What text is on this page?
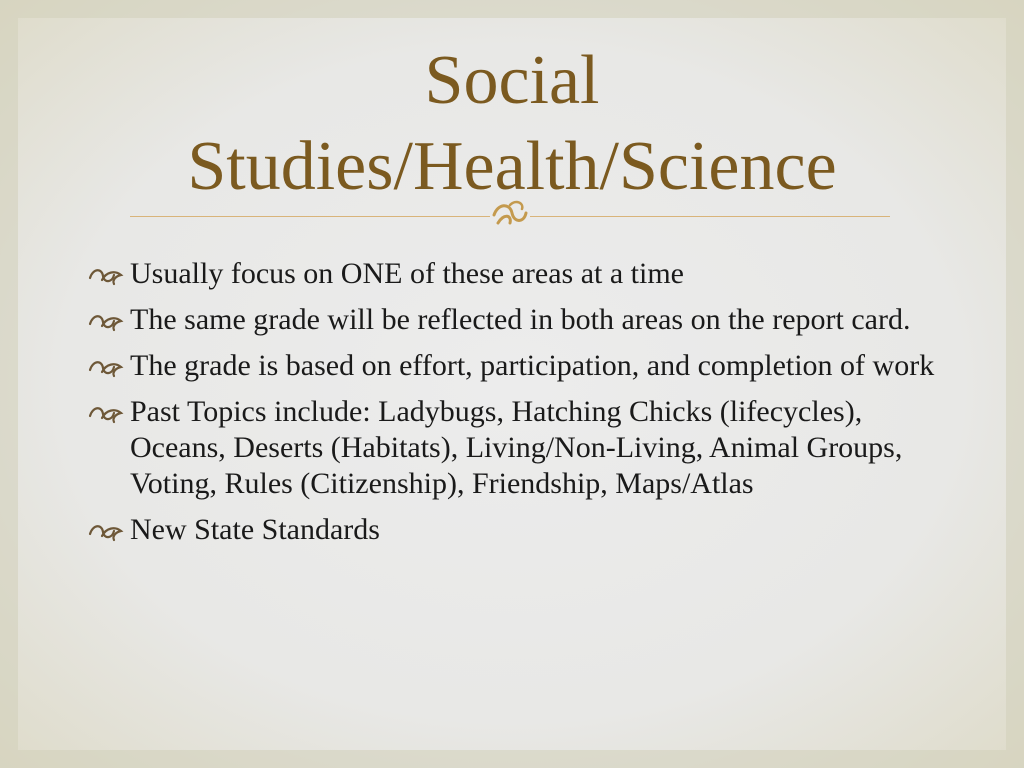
Social
Studies/Health/Science
Usually focus on ONE of these areas at a time
The same grade will be reflected in both areas on the report card.
The grade is based on effort, participation, and completion of work
Past Topics include: Ladybugs, Hatching Chicks (lifecycles), Oceans, Deserts (Habitats), Living/Non-Living, Animal Groups, Voting, Rules (Citizenship), Friendship, Maps/Atlas
New State Standards
